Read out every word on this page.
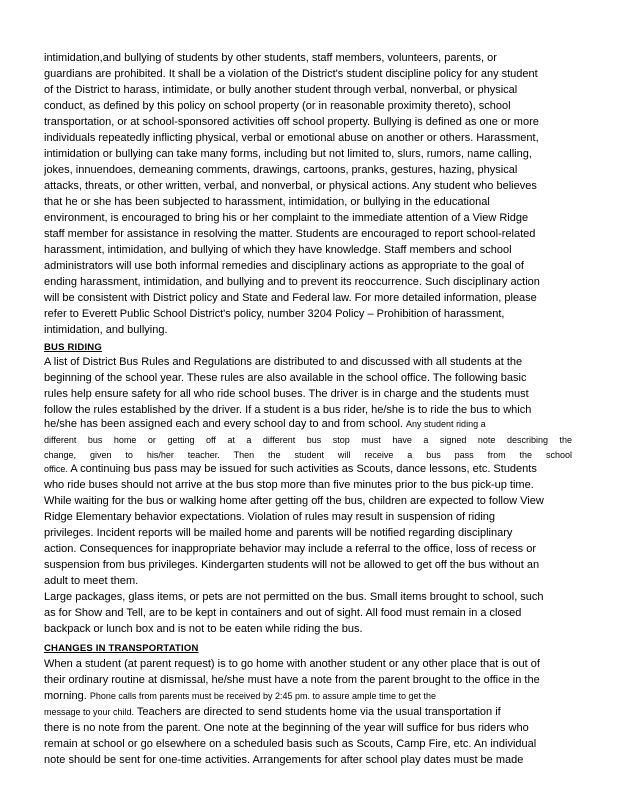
intimidation,and bullying of students by other students, staff members, volunteers, parents, or
guardians are prohibited. It shall be a violation of the District's student discipline policy for any student
of the District to harass, intimidate, or bully another student through verbal, nonverbal, or physical
conduct, as defined by this policy on school property (or in reasonable proximity thereto), school
transportation, or at school-sponsored activities off school property. Bullying is defined as one or more
individuals repeatedly inflicting physical, verbal or emotional abuse on another or others. Harassment,
intimidation or bullying can take many forms, including but not limited to, slurs, rumors, name calling,
jokes, innuendoes, demeaning comments, drawings, cartoons, pranks, gestures, hazing, physical
attacks, threats, or other written, verbal, and nonverbal, or physical actions. Any student who believes
that he or she has been subjected to harassment, intimidation, or bullying in the educational
environment, is encouraged to bring his or her complaint to the immediate attention of a View Ridge
staff member for assistance in resolving the matter. Students are encouraged to report school-related
harassment, intimidation, and bullying of which they have knowledge. Staff members and school
administrators will use both informal remedies and disciplinary actions as appropriate to the goal of
ending harassment, intimidation, and bullying and to prevent its reoccurrence. Such disciplinary action
will be consistent with District policy and State and Federal law. For more detailed information, please
refer to Everett Public School District's policy, number 3204 Policy – Prohibition of harassment,
intimidation, and bullying.
BUS RIDING
A list of District Bus Rules and Regulations are distributed to and discussed with all students at the
beginning of the school year. These rules are also available in the school office. The following basic
rules help ensure safety for all who ride school buses. The driver is in charge and the students must
follow the rules established by the driver. If a student is a bus rider, he/she is to ride the bus to which
he/she has been assigned each and every school day to and from school. Any student riding a
different bus home or getting off at a different bus stop must have a signed note describing the
change, given to his/her teacher. Then the student will receive a bus pass from the school
office. A continuing bus pass may be issued for such activities as Scouts, dance lessons, etc. Students
who ride buses should not arrive at the bus stop more than five minutes prior to the bus pick-up time.
While waiting for the bus or walking home after getting off the bus, children are expected to follow View
Ridge Elementary behavior expectations. Violation of rules may result in suspension of riding
privileges. Incident reports will be mailed home and parents will be notified regarding disciplinary
action. Consequences for inappropriate behavior may include a referral to the office, loss of recess or
suspension from bus privileges. Kindergarten students will not be allowed to get off the bus without an
adult to meet them.
Large packages, glass items, or pets are not permitted on the bus. Small items brought to school, such
as for Show and Tell, are to be kept in containers and out of sight. All food must remain in a closed
backpack or lunch box and is not to be eaten while riding the bus.
CHANGES IN TRANSPORTATION
When a student (at parent request) is to go home with another student or any other place that is out of
their ordinary routine at dismissal, he/she must have a note from the parent brought to the office in the
morning. Phone calls from parents must be received by 2:45 pm. to assure ample time to get the
message to your child. Teachers are directed to send students home via the usual transportation if
there is no note from the parent. One note at the beginning of the year will suffice for bus riders who
remain at school or go elsewhere on a scheduled basis such as Scouts, Camp Fire, etc. An individual
note should be sent for one-time activities. Arrangements for after school play dates must be made
